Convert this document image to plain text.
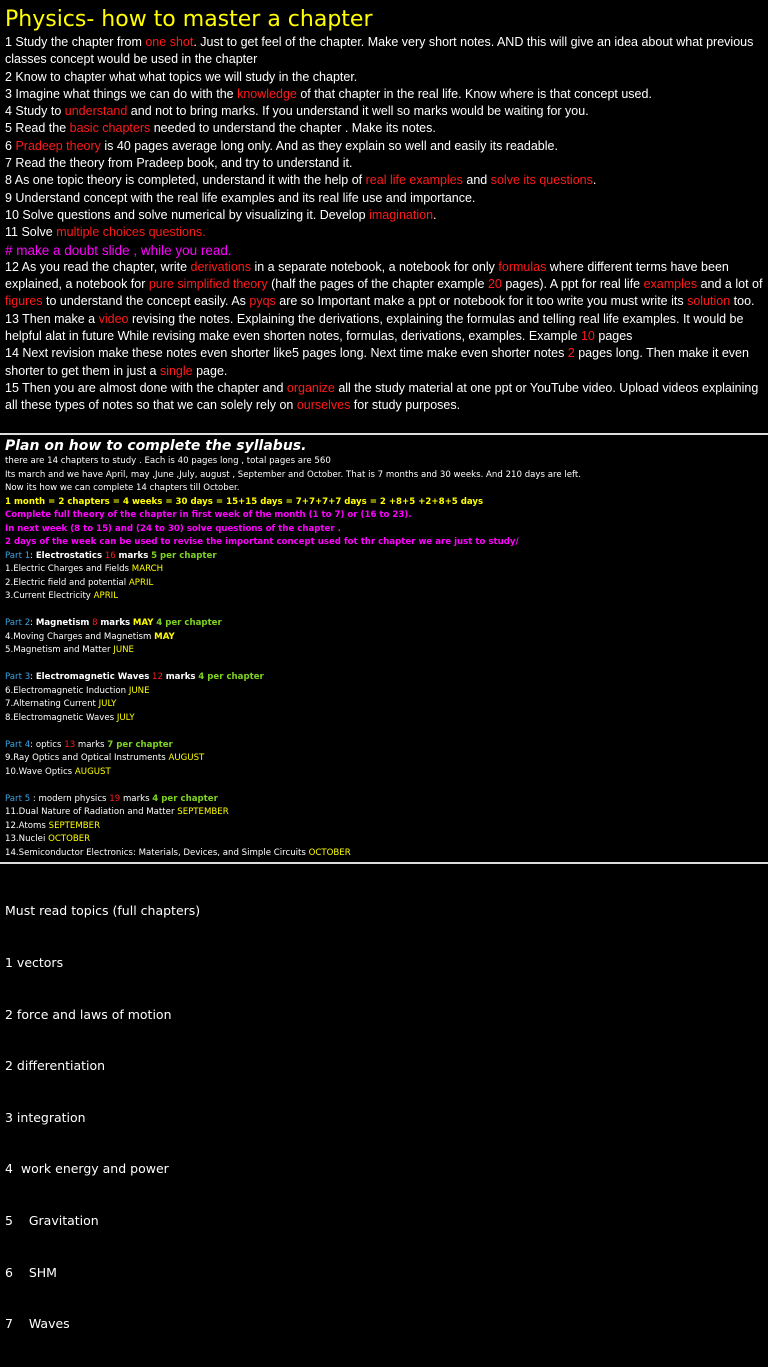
Physics- how to master a chapter

1 Study the chapter from one shot. Just to get feel of the chapter. Make very short notes. AND this will give an idea about what previous classes concept would be used in the chapter

2 Know to chapter what what topics we will study in the chapter.

3 Imagine what things we can do with the knowledge of that chapter in the real life. Know where is that concept used.

4 Study to understand and not to bring marks. If you understand it well so marks would be waiting for you.

5 Read the basic chapters needed to understand the chapter . Make its notes.

6 Pradeep theory is 40 pages average long only. And as they explain so well and easily its readable.

7 Read the theory from Pradeep book, and try to understand it.

8 As one topic theory is completed, understand it with the help of real life examples and solve its questions.

9 Understand concept with the real life examples and its real life use and importance.

10 Solve questions and solve numerical by visualizing it. Develop imagination.

11 Solve multiple choices questions.

# make a doubt slide , while you read.

12 As you read the chapter, write derivations in a separate notebook, a notebook for only formulas where different terms have been explained, a notebook for pure simplified theory (half the pages of the chapter example 20 pages). A ppt for real life examples and a lot of figures to understand the concept easily. As pyqs are so Important make a ppt or notebook for it too write you must write its solution too.

13 Then make a video revising the notes. Explaining the derivations, explaining the formulas and telling real life examples. It would be helpful alat in future While revising make even shorten notes, formulas, derivations, examples. Example 10 pages

14 Next revision make these notes even shorter like5 pages long. Next time make even shorter notes 2 pages long. Then make it even shorter to get them in just a single page.

15 Then you are almost done with the chapter and organize all the study material at one ppt or YouTube video. Upload videos explaining all these types of notes so that we can solely rely on ourselves for study purposes.

Plan on how to complete the syllabus.

there are 14 chapters to study . Each is 40 pages long , total pages are 560

Its march and we have April, may ,June ,July, august , September and October. That is 7 months and 30 weeks. And 210 days are left.

Now its how we can complete 14 chapters till October.

1 month = 2 chapters = 4 weeks = 30 days = 15+15 days = 7+7+7+7 days = 2 +8+5 +2+8+5 days

Complete full theory of the chapter in first week of the month (1 to 7) or (16 to 23).

In next week (8 to 15) and (24 to 30) solve questions of the chapter .

2 days of the week can be used to revise the important concept used fot thr chapter we are just to study/

Part 1: Electrostatics 16 marks 5 per chapter

1.Electric Charges and Fields MARCH

2.Electric field and potential APRIL

3.Current Electricity APRIL

Part 2: Magnetism 8 marks MAY 4 per chapter

4.Moving Charges and Magnetism MAY

5.Magnetism and Matter JUNE

Part 3: Electromagnetic Waves 12 marks 4 per chapter

6.Electromagnetic Induction JUNE

7.Alternating Current JULY

8.Electromagnetic Waves JULY

Part 4: optics 13 marks 7 per chapter

9.Ray Optics and Optical Instruments AUGUST

10.Wave Optics AUGUST

Part 5 : modern physics 19 marks 4 per chapter

11.Dual Nature of Radiation and Matter SEPTEMBER

12.Atoms SEPTEMBER

13.Nuclei OCTOBER

14.Semiconductor Electronics: Materials, Devices, and Simple Circuits OCTOBER

Must read topics (full chapters)

1 vectors

2 force and laws of motion

2 differentiation

3 integration

4  work energy and power

5    Gravitation

6    SHM

7    Waves
